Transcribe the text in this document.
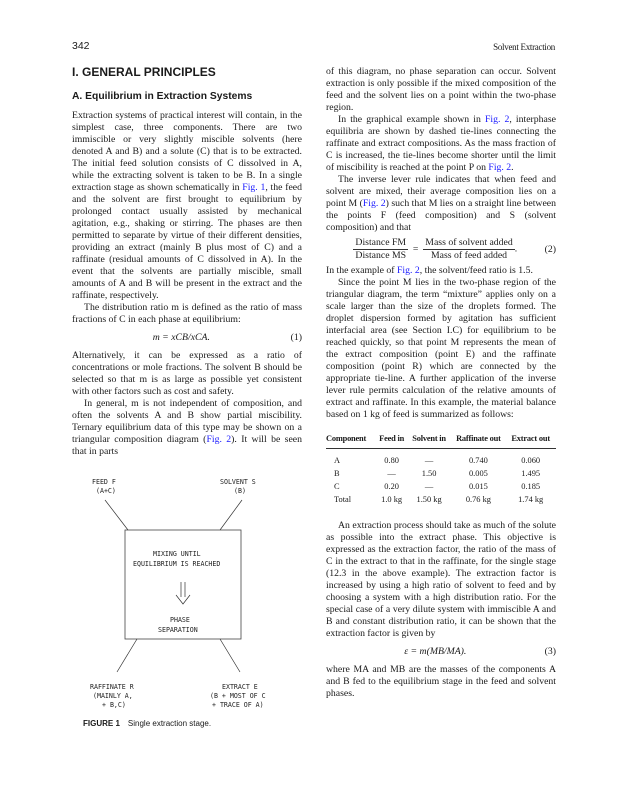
342	Solvent Extraction
I. GENERAL PRINCIPLES
A. Equilibrium in Extraction Systems

Extraction systems of practical interest will contain, in the simplest case, three components. There are two immiscible or very slightly miscible solvents (here denoted A and B) and a solute (C) that is to be extracted. The initial feed solution consists of C dissolved in A, while the extracting solvent is taken to be B. In a single extraction stage as shown schematically in Fig. 1, the feed and the solvent are first brought to equilibrium by prolonged contact usually assisted by mechanical agitation, e.g., shaking or stirring. The phases are then permitted to separate by virtue of their different densities, providing an extract (mainly B plus most of C) and a raffinate (residual amounts of C dissolved in A). In the event that the solvents are partially miscible, small amounts of A and B will be present in the extract and the raffinate, respectively.

The distribution ratio m is defined as the ratio of mass fractions of C in each phase at equilibrium:

m = xCB/xCA.	(1)

Alternatively, it can be expressed as a ratio of concentrations or mole fractions. The solvent B should be selected so that m is as large as possible yet consistent with other factors such as cost and safety.

In general, m is not independent of composition, and often the solvents A and B show partial miscibility. Ternary equilibrium data of this type may be shown on a triangular composition diagram (Fig. 2). It will be seen that in parts

FEED F
(A+C)
SOLVENT S
(B)
MIXING UNTIL
EQUILIBRIUM IS REACHED
PHASE
SEPARATION
RAFFINATE R
(MAINLY A,
+ B,C)
EXTRACT E
(B + MOST OF C
+ TRACE OF A)
FIGURE 1 Single extraction stage.

of this diagram, no phase separation can occur. Solvent extraction is only possible if the mixed composition of the feed and the solvent lies on a point within the two-phase region.

In the graphical example shown in Fig. 2, interphase equilibria are shown by dashed tie-lines connecting the raffinate and extract compositions. As the mass fraction of C is increased, the tie-lines become shorter until the limit of miscibility is reached at the point P on Fig. 2.

The inverse lever rule indicates that when feed and solvent are mixed, their average composition lies on a point M (Fig. 2) such that M lies on a straight line between the points F (feed composition) and S (solvent composition) and that

$\frac{\text{Distance FM}}{\text{Distance MS}} = \frac{\text{Mass of solvent added}}{\text{Mass of feed added}}$ .	(2)

In the example of Fig. 2, the solvent/feed ratio is 1.5.

Since the point M lies in the two-phase region of the triangular diagram, the term “mixture” applies only on a scale larger than the size of the droplets formed. The droplet dispersion formed by agitation has sufficient interfacial area (see Section I.C) for equilibrium to be reached quickly, so that point M represents the mean of the extract composition (point E) and the raffinate composition (point R) which are connected by the appropriate tie-line. A further application of the inverse lever rule permits calculation of the relative amounts of extract and raffinate. In this example, the material balance based on 1 kg of feed is summarized as follows:

Component	Feed in	Solvent in	Raffinate out	Extract out
A	0.80	—	0.740	0.060
B	—	1.50	0.005	1.495
C	0.20	—	0.015	0.185
Total	1.0 kg	1.50 kg	0.76 kg	1.74 kg

An extraction process should take as much of the solute as possible into the extract phase. This objective is expressed as the extraction factor, the ratio of the mass of C in the extract to that in the raffinate, for the single stage (12.3 in the above example). The extraction factor is increased by using a high ratio of solvent to feed and by choosing a system with a high distribution ratio. For the special case of a very dilute system with immiscible A and B and constant distribution ratio, it can be shown that the extraction factor is given by

ε = m(MB/MA).	(3)

where MA and MB are the masses of the components A and B fed to the equilibrium stage in the feed and solvent phases.
